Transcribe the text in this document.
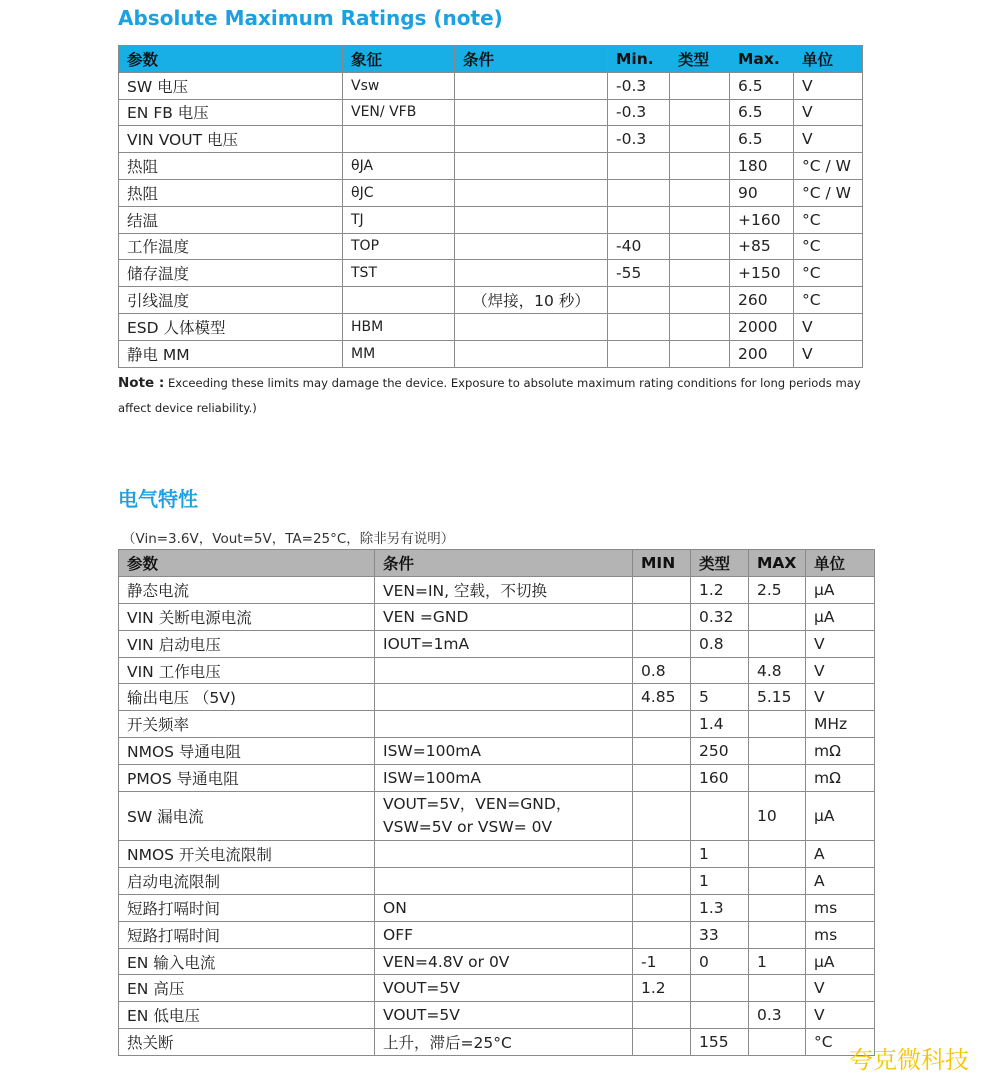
Absolute Maximum Ratings (note)
参数	象征	条件	Min.	类型	Max.	单位
SW 电压	Vsw		-0.3		6.5	V
EN FB 电压	VEN/ VFB		-0.3		6.5	V
VIN VOUT 电压			-0.3		6.5	V
热阻	θJA				180	°C / W
热阻	θJC				90	°C / W
结温	TJ				+160	°C
工作温度	TOP		-40		+85	°C
储存温度	TST		-55		+150	°C
引线温度		（焊接，10 秒）			260	°C
ESD 人体模型	HBM				2000	V
静电 MM	MM				200	V

Note : Exceeding these limits may damage the device. Exposure to absolute maximum rating conditions for long periods may affect device reliability.)

电气特性

（Vin=3.6V，Vout=5V，TA=25°C，除非另有说明）

参数	条件	MIN	类型	MAX	单位
静态电流	VEN=IN, 空载，不切换		1.2	2.5	μA
VIN 关断电源电流	VEN =GND		0.32		μA
VIN 启动电压	IOUT=1mA		0.8		V
VIN 工作电压		0.8		4.8	V
输出电压 （5V)		4.85	5	5.15	V
开关频率			1.4		MHz
NMOS 导通电阻	ISW=100mA		250		mΩ
PMOS 导通电阻	ISW=100mA		160		mΩ
SW 漏电流	VOUT=5V，VEN=GND，VSW=5V or VSW= 0V			10	μA
NMOS 开关电流限制			1		A
启动电流限制			1		A
短路打嗝时间	ON		1.3		ms
短路打嗝时间	OFF		33		ms
EN 输入电流	VEN=4.8V or 0V	-1	0	1	μA
EN 高压	VOUT=5V	1.2			V
EN 低电压	VOUT=5V			0.3	V
热关断	上升，滞后=25°C		155		°C

夸克微科技
